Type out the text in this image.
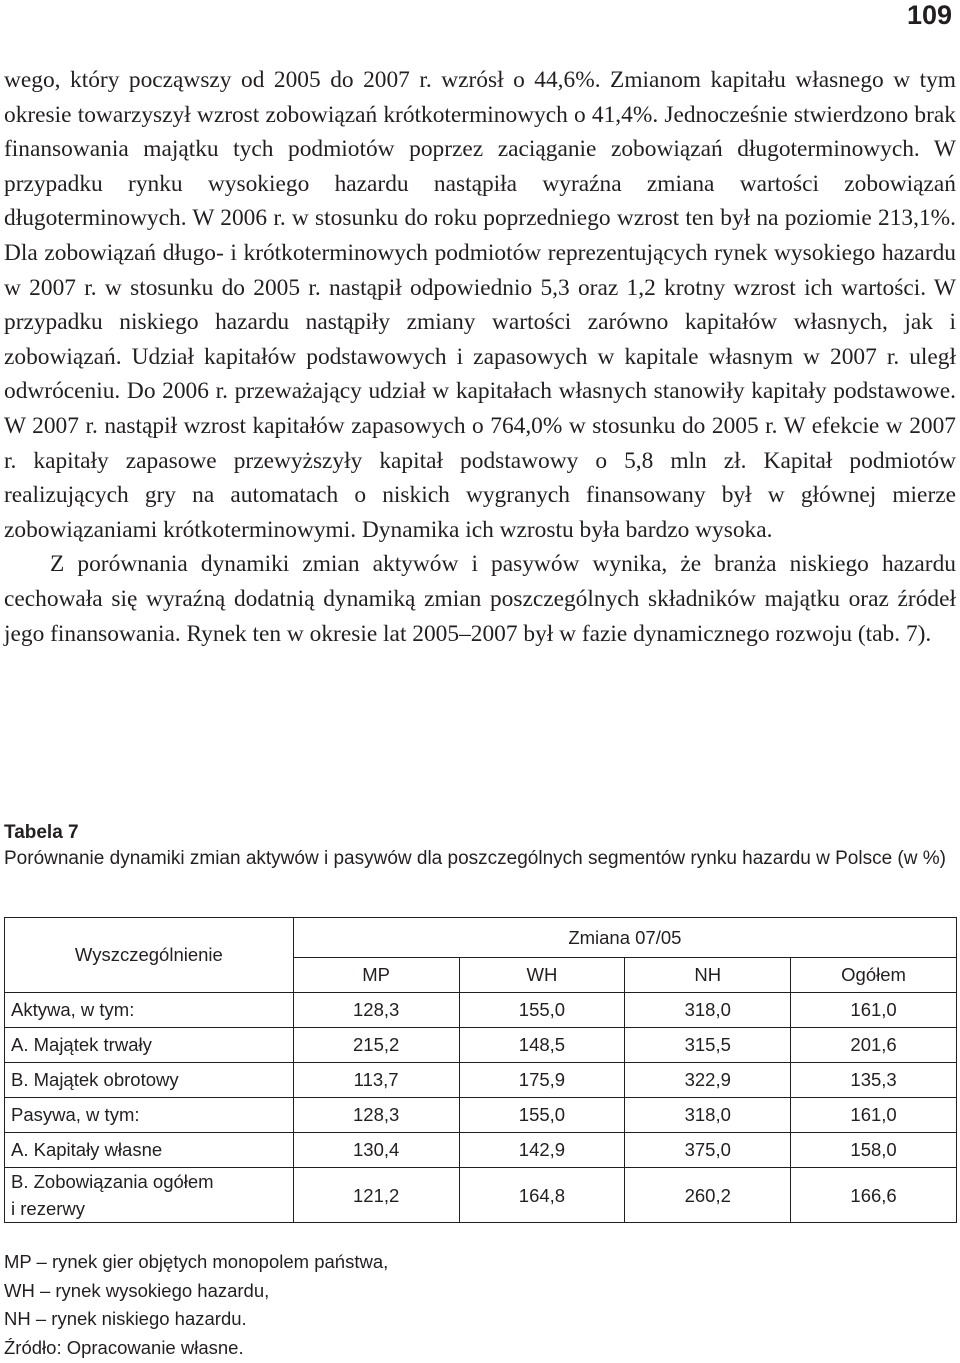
109

wego, który począwszy od 2005 do 2007 r. wzrósł o 44,6%. Zmianom kapitału własnego w tym okresie towarzyszył wzrost zobowiązań krótkoterminowych o 41,4%. Jednocześnie stwierdzono brak finansowania majątku tych podmiotów poprzez zaciąganie zobowiązań długoterminowych. W przypadku rynku wysokiego hazardu nastąpiła wyraźna zmiana wartości zobowiązań długoterminowych. W 2006 r. w stosunku do roku poprzedniego wzrost ten był na poziomie 213,1%. Dla zobowiązań długo- i krótkoterminowych podmiotów reprezentujących rynek wysokiego hazardu w 2007 r. w stosunku do 2005 r. nastąpił odpowiednio 5,3 oraz 1,2 krotny wzrost ich wartości. W przypadku niskiego hazardu nastąpiły zmiany wartości zarówno kapitałów własnych, jak i zobowiązań. Udział kapitałów podstawowych i zapasowych w kapitale własnym w 2007 r. uległ odwróceniu. Do 2006 r. przeważający udział w kapitałach własnych stanowiły kapitały podstawowe. W 2007 r. nastąpił wzrost kapitałów zapasowych o 764,0% w stosunku do 2005 r. W efekcie w 2007 r. kapitały zapasowe przewyższyły kapitał podstawowy o 5,8 mln zł. Kapitał podmiotów realizujących gry na automatach o niskich wygranych finansowany był w głównej mierze zobowiązaniami krótkoterminowymi. Dynamika ich wzrostu była bardzo wysoka.

Z porównania dynamiki zmian aktywów i pasywów wynika, że branża niskiego hazardu cechowała się wyraźną dodatnią dynamiką zmian poszczególnych składników majątku oraz źródeł jego finansowania. Rynek ten w okresie lat 2005–2007 był w fazie dynamicznego rozwoju (tab. 7).

Tabela 7
Porównanie dynamiki zmian aktywów i pasywów dla poszczególnych segmentów rynku hazardu w Polsce (w %)
Wyszczególnienie	Zmiana 07/05			
	MP	WH	NH	Ogółem
Aktywa, w tym:	128,3	155,0	318,0	161,0
A. Majątek trwały	215,2	148,5	315,5	201,6
B. Majątek obrotowy	113,7	175,9	322,9	135,3
Pasywa, w tym:	128,3	155,0	318,0	161,0
A. Kapitały własne	130,4	142,9	375,0	158,0
B. Zobowiązania ogółem
i rezerwy	121,2	164,8	260,2	166,6
MP – rynek gier objętych monopolem państwa,
WH – rynek wysokiego hazardu,
NH – rynek niskiego hazardu.
Źródło: Opracowanie własne.
